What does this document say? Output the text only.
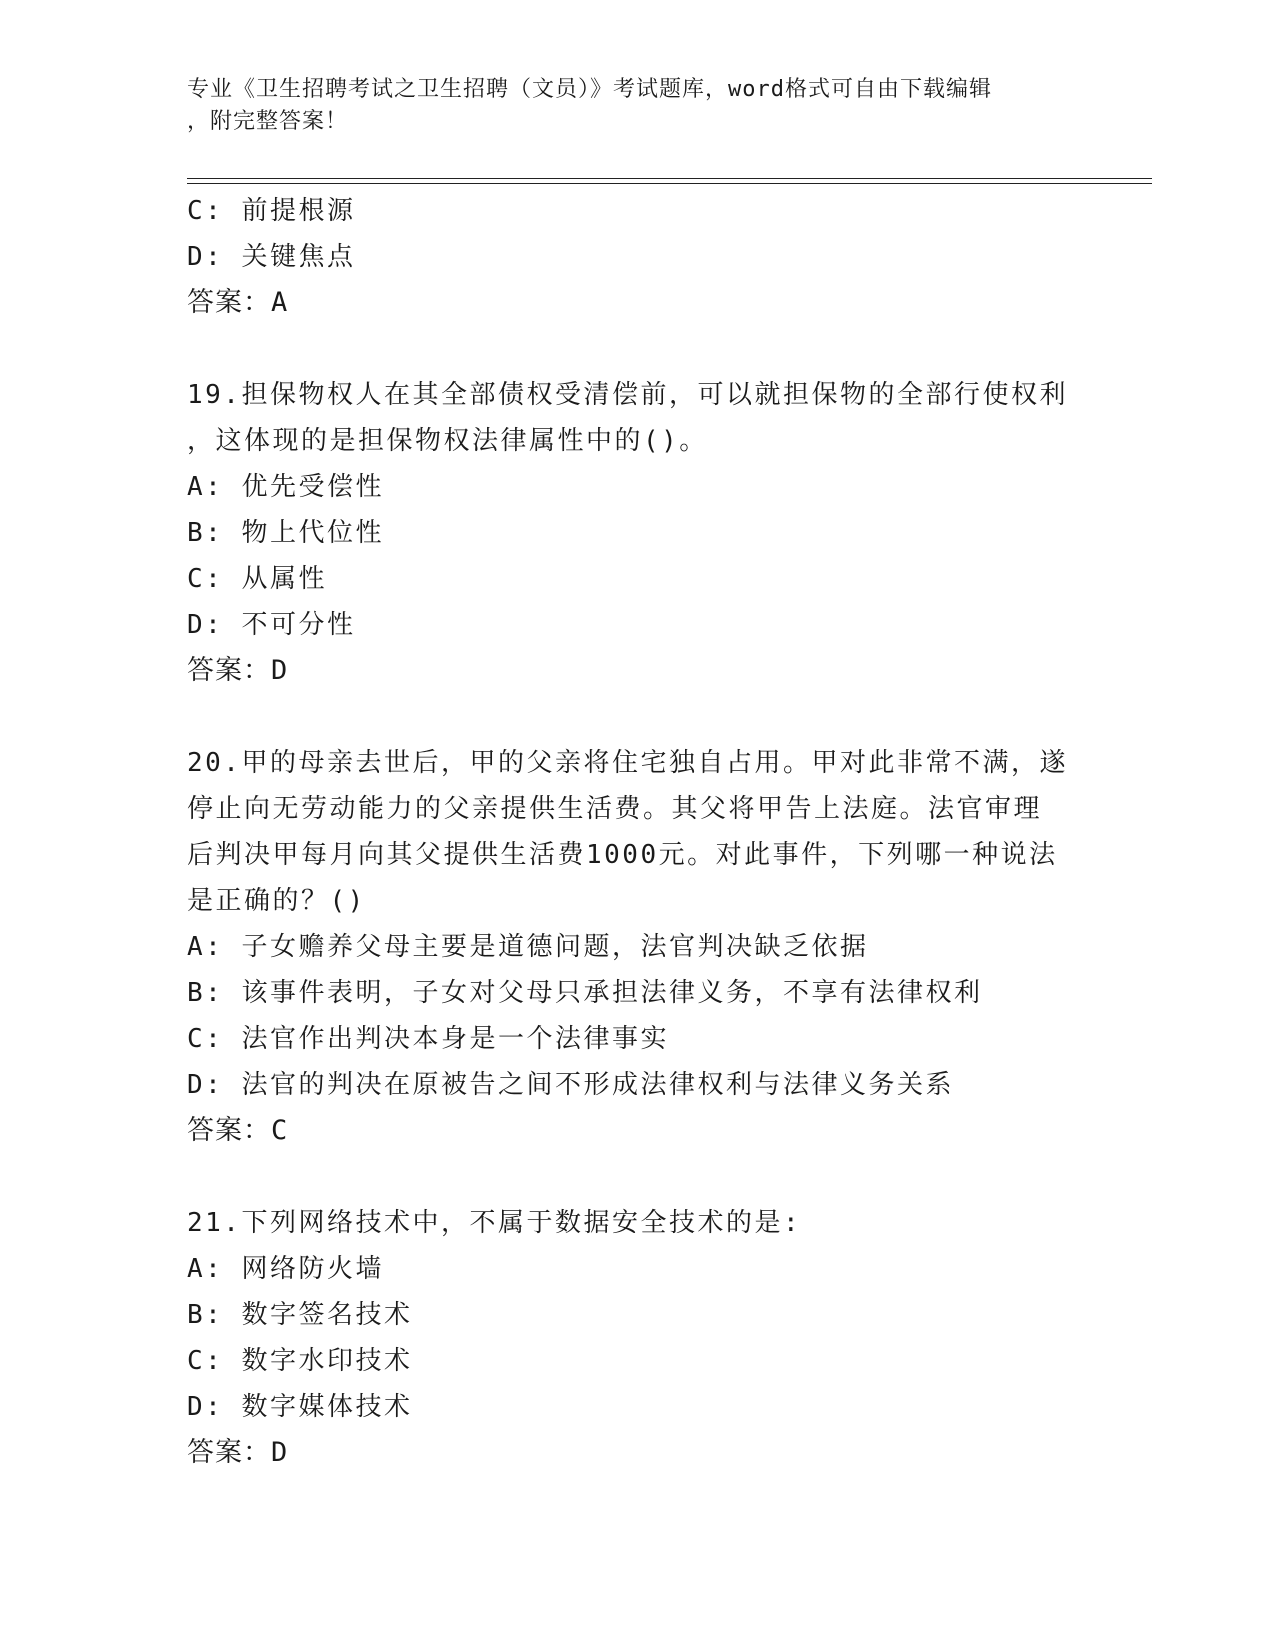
专业《卫生招聘考试之卫生招聘（文员）》考试题库，word格式可自由下载编辑
，附完整答案！
C: 前提根源
D: 关键焦点
答案：A
19.担保物权人在其全部债权受清偿前，可以就担保物的全部行使权利
，这体现的是担保物权法律属性中的()。
A: 优先受偿性
B: 物上代位性
C: 从属性
D: 不可分性
答案：D
20.甲的母亲去世后，甲的父亲将住宅独自占用。甲对此非常不满，遂
停止向无劳动能力的父亲提供生活费。其父将甲告上法庭。法官审理
后判决甲每月向其父提供生活费1000元。对此事件，下列哪一种说法
是正确的？()
A: 子女赡养父母主要是道德问题，法官判决缺乏依据
B: 该事件表明，子女对父母只承担法律义务，不享有法律权利
C: 法官作出判决本身是一个法律事实
D: 法官的判决在原被告之间不形成法律权利与法律义务关系
答案：C
21.下列网络技术中，不属于数据安全技术的是:
A: 网络防火墙
B: 数字签名技术
C: 数字水印技术
D: 数字媒体技术
答案：D
